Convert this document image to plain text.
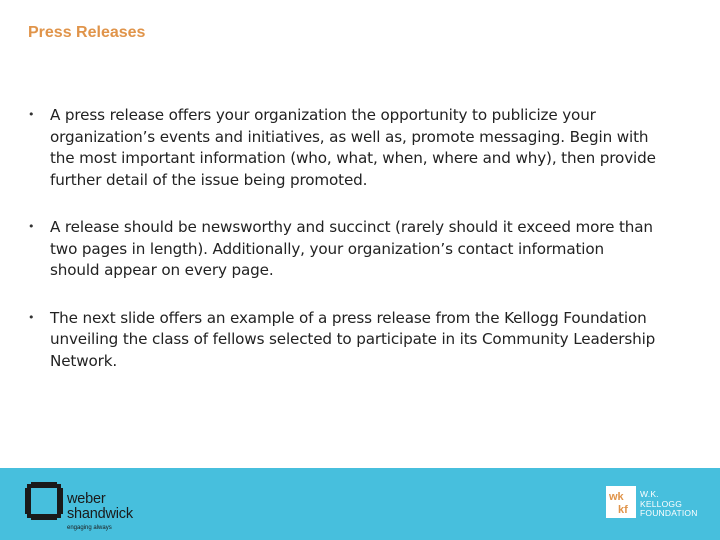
Press Releases
•	A press release offers your organization the opportunity to publicize your organization’s events and initiatives, as well as, promote messaging. Begin with the most important information (who, what, when, where and why), then provide further detail of the issue being promoted.
•	A release should be newsworthy and succinct (rarely should it exceed more than two pages in length). Additionally, your organization’s contact information should appear on every page.
•	The next slide offers an example of a press release from the Kellogg Foundation unveiling the class of fellows selected to participate in its Community Leadership Network.
weber
shandwick
engaging always
wk
kf
W.K.
KELLOGG
FOUNDATION
